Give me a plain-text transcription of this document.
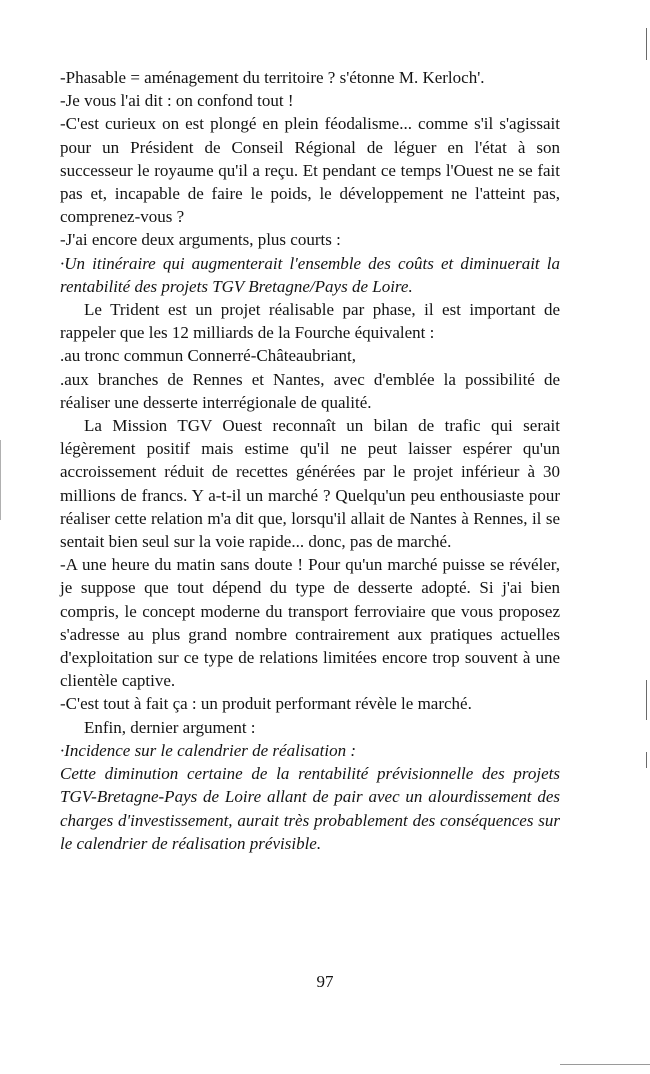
-Phasable = aménagement du territoire ? s'étonne M. Kerloch'.

-Je vous l'ai dit : on confond tout !

-C'est curieux on est plongé en plein féodalisme... comme s'il s'agissait pour un Président de Conseil Régional de léguer en l'état à son successeur le royaume qu'il a reçu. Et pendant ce temps l'Ouest ne se fait pas et, incapable de faire le poids, le développement ne l'atteint pas, comprenez-vous ?

-J'ai encore deux arguments, plus courts :

·Un itinéraire qui augmenterait l'ensemble des coûts et diminuerait la rentabilité des projets TGV Bretagne/Pays de Loire.

Le Trident est un projet réalisable par phase, il est important de rappeler que les 12 milliards de la Fourche équivalent :

.au tronc commun Connerré-Châteaubriant,

.aux branches de Rennes et Nantes, avec d'emblée la possibilité de réaliser une desserte interrégionale de qualité.

La Mission TGV Ouest reconnaît un bilan de trafic qui serait légèrement positif mais estime qu'il ne peut laisser espérer qu'un accroissement réduit de recettes générées par le projet inférieur à 30 millions de francs. Y a-t-il un marché ? Quelqu'un peu enthousiaste pour réaliser cette relation m'a dit que, lorsqu'il allait de Nantes à Rennes, il se sentait bien seul sur la voie rapide... donc, pas de marché.

-A une heure du matin sans doute ! Pour qu'un marché puisse se révéler, je suppose que tout dépend du type de desserte adopté. Si j'ai bien compris, le concept moderne du transport ferroviaire que vous proposez s'adresse au plus grand nombre contrairement aux pratiques actuelles d'exploitation sur ce type de relations limitées encore trop souvent à une clientèle captive.

-C'est tout à fait ça : un produit performant révèle le marché.

Enfin, dernier argument :

·Incidence sur le calendrier de réalisation :

Cette diminution certaine de la rentabilité prévisionnelle des projets TGV-Bretagne-Pays de Loire allant de pair avec un alourdissement des charges d'investissement, aurait très probablement des conséquences sur le calendrier de réalisation prévisible.

97
